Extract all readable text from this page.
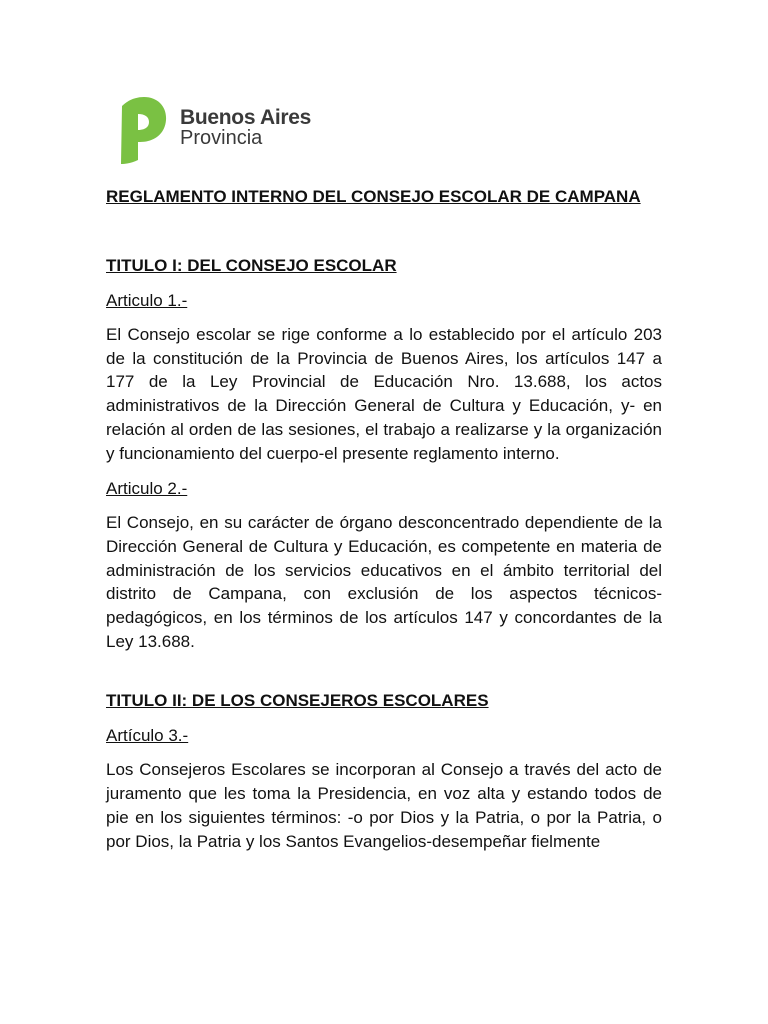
Buenos Aires
Provincia

REGLAMENTO INTERNO DEL CONSEJO ESCOLAR DE CAMPANA

TITULO I: DEL CONSEJO ESCOLAR

Articulo 1.-

El Consejo escolar se rige conforme a lo establecido por el artículo 203 de la constitución de la Provincia de Buenos Aires, los artículos 147 a 177 de la Ley Provincial de Educación Nro. 13.688, los actos administrativos de la Dirección General de Cultura y Educación, y- en relación al orden de las sesiones, el trabajo a realizarse y la organización y funcionamiento del cuerpo-el presente reglamento interno.

Articulo 2.-

El Consejo, en su carácter de órgano desconcentrado dependiente de la Dirección General de Cultura y Educación, es competente en materia de administración de los servicios educativos en el ámbito territorial del distrito de Campana, con exclusión de los aspectos técnicos-pedagógicos, en los términos de los artículos 147 y concordantes de la Ley 13.688.

TITULO II: DE LOS CONSEJEROS ESCOLARES

Artículo 3.-

Los Consejeros Escolares se incorporan al Consejo a través del acto de juramento que les toma la Presidencia, en voz alta y estando todos de pie en los siguientes términos: -o por Dios y la Patria, o por la Patria, o por Dios, la Patria y los Santos Evangelios-desempeñar fielmente
